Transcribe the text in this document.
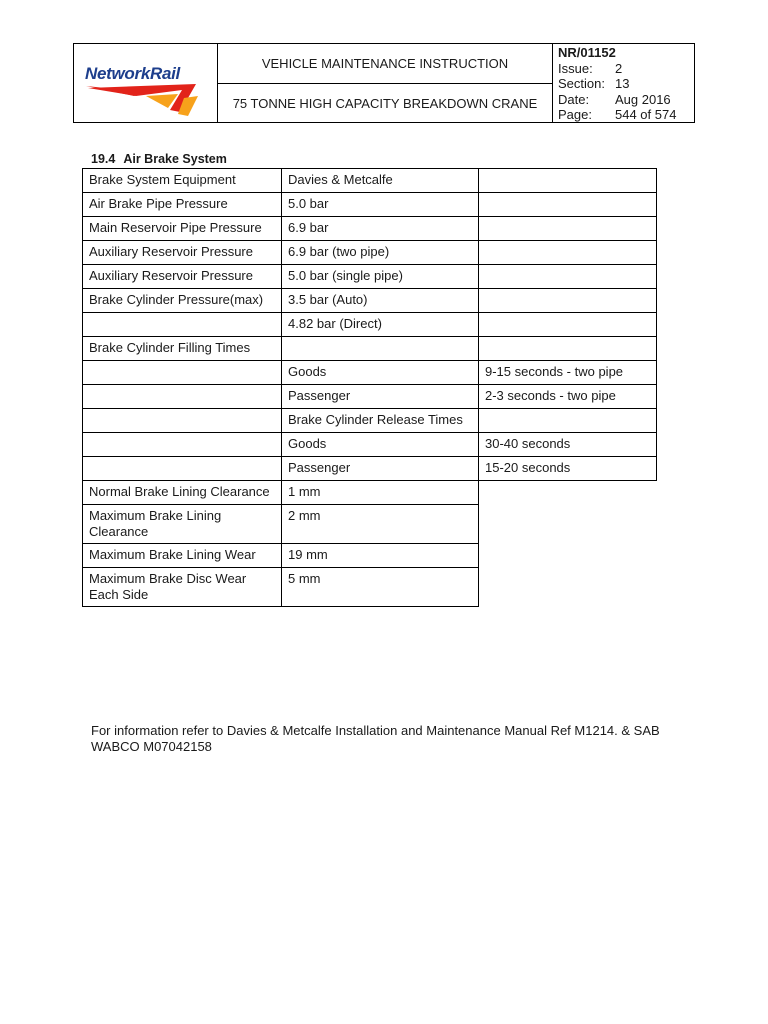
NetworkRail
VEHICLE MAINTENANCE INSTRUCTION
75 TONNE HIGH CAPACITY BREAKDOWN CRANE
NR/01152
Issue:	2
Section: 13
Date:	Aug 2016
Page:	544 of 574
19.4 Air Brake System
Brake System Equipment	Davies & Metcalfe	
Air Brake Pipe Pressure	5.0 bar	
Main Reservoir Pipe Pressure	6.9 bar	
Auxiliary Reservoir Pressure	6.9 bar (two pipe)	
Auxiliary Reservoir Pressure	5.0 bar (single pipe)	
Brake Cylinder Pressure(max)	3.5 bar (Auto)	
	4.82 bar (Direct)	
Brake Cylinder Filling Times		
	Goods	9-15 seconds - two pipe
	Passenger	2-3 seconds - two pipe
	Brake Cylinder Release Times	
	Goods	30-40 seconds
	Passenger	15-20 seconds
Normal Brake Lining Clearance	1 mm	
Maximum Brake Lining Clearance	2 mm	
Maximum Brake Lining Wear	19 mm	
Maximum Brake Disc Wear Each Side	5 mm	
For information refer to Davies & Metcalfe Installation and Maintenance Manual Ref M1214. & SAB WABCO M07042158
